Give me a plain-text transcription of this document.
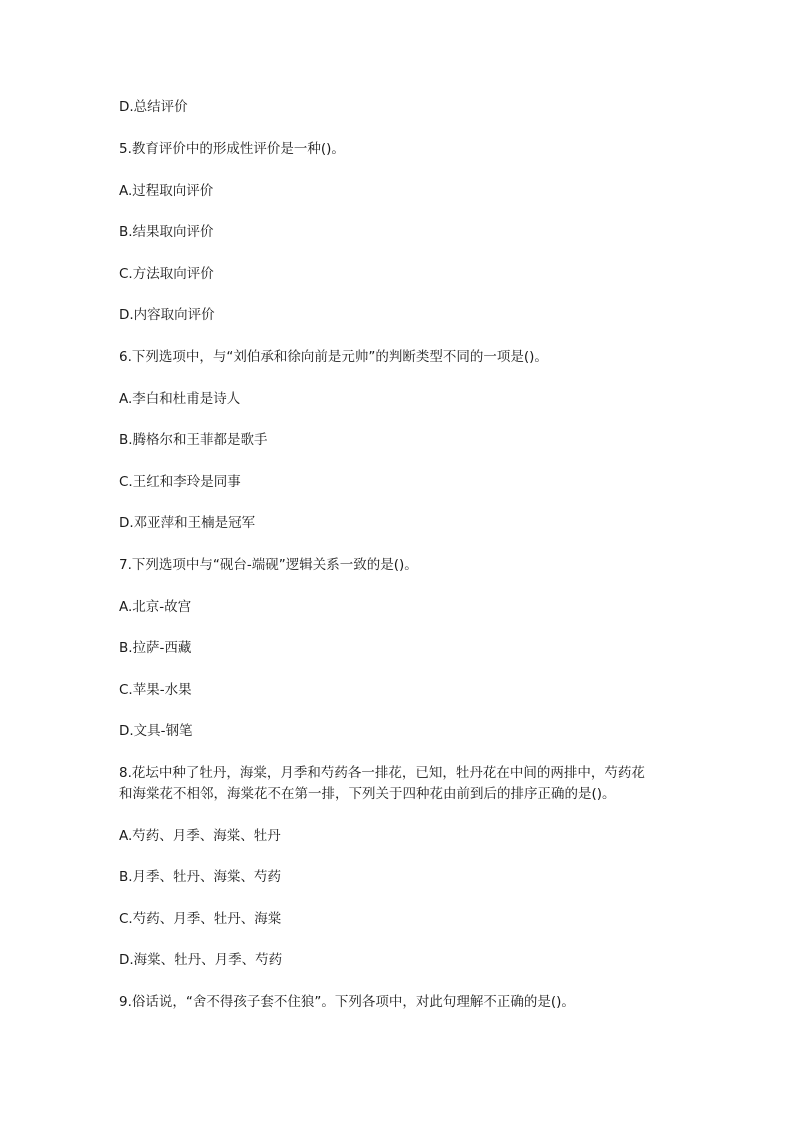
D.总结评价
5.教育评价中的形成性评价是一种()。
A.过程取向评价
B.结果取向评价
C.方法取向评价
D.内容取向评价
6.下列选项中，与“刘伯承和徐向前是元帅”的判断类型不同的一项是()。
A.李白和杜甫是诗人
B.腾格尔和王菲都是歌手
C.王红和李玲是同事
D.邓亚萍和王楠是冠军
7.下列选项中与“砚台-端砚”逻辑关系一致的是()。
A.北京-故宫
B.拉萨-西藏
C.苹果-水果
D.文具-钢笔
8.花坛中种了牡丹，海棠，月季和芍药各一排花，已知，牡丹花在中间的两排中，芍药花
和海棠花不相邻，海棠花不在第一排，下列关于四种花由前到后的排序正确的是()。
A.芍药、月季、海棠、牡丹
B.月季、牡丹、海棠、芍药
C.芍药、月季、牡丹、海棠
D.海棠、牡丹、月季、芍药
9.俗话说，“舍不得孩子套不住狼”。下列各项中，对此句理解不正确的是()。
